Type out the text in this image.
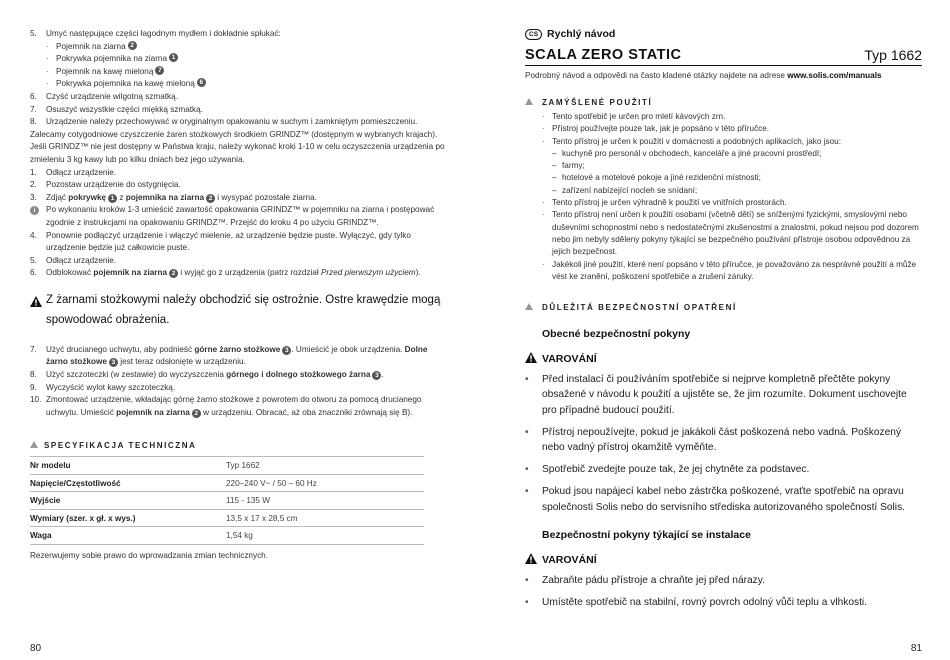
5.	Umyć następujące części łagodnym mydłem i dokładnie spłukać:
· Pojemnik na ziarna 2
· Pokrywka pojemnika na ziarna 1
· Pojemnik na kawę mieloną 7
· Pokrywka pojemnika na kawę mieloną 6
6.	Czyść urządzenie wilgotną szmatką.
7.	Osuszyć wszystkie części miękką szmatką.
8.	Urządzenie należy przechowywać w oryginalnym opakowaniu w suchym i zamkniętym pomieszczeniu.

Zalecamy cotygodniowe czyszczenie żaren stożkowych środkiem GRINDZ™ (dostępnym w wybranych krajach). Jeśli GRINDZ™ nie jest dostępny w Państwa kraju, należy wykonać kroki 1-10 w celu oczyszczenia urządzenia po zmieleniu 3 kg kawy lub po kilku dniach bez jego używania.

1.	Odłącz urządzenie.
2.	Pozostaw urządzenie do ostygnięcia.
3.	Zdjąć pokrywkę 1 z pojemnika na ziarna 2 i wysypać pozostałe ziarna.
i	Po wykonaniu kroków 1-3 umieścić zawartość opakowania GRINDZ™ w pojemniku na ziarna i postępować zgodnie z instrukcjami na opakowaniu GRINDZ™. Przejść do kroku 4 po użyciu GRINDZ™.
4.	Ponownie podłączyć urządzenie i włączyć mielenie, aż urządzenie będzie puste. Wyłączyć, gdy tylko urządzenie będzie już całkowicie puste.
5.	Odłącz urządzenie.
6.	Odblokować pojemnik na ziarna 2 i wyjąć go z urządzenia (patrz rozdział Przed pierwszym użyciem).
Z żarnami stożkowymi należy obchodzić się ostrożnie. Ostre krawędzie mogą spowodować obrażenia.
7.	Użyć drucianego uchwytu, aby podnieść górne żarno stożkowe 3 . Umieścić je obok urządzenia. Dolne żarno stożkowe 3 jest teraz odsłonięte w urządzeniu.
8.	Użyć szczoteczki (w zestawie) do wyczyszczenia górnego i dolnego stożkowego żarna 3 .
9.	Wyczyścić wylot kawy szczoteczką.
10. Zmontować urządzenie, wkładając górnę żarno stożkowe z powrotem do otworu za pomocą drucianego uchwytu. Umieścić pojemnik na ziarna 2 w urządzeniu. Obracać, aż oba znaczniki zrównają się B).
SPECYFIKACJA TECHNICZNA
Nr modelu	Typ 1662
Napięcie/Częstotliwość	220–240 V~ / 50 – 60 Hz
Wyjście	115 - 135 W
Wymiary (szer. x gł. x wys.)	13,5 x 17 x 28,5 cm
Waga	1,54 kg

Rezerwujemy sobie prawo do wprowadzania zmian technicznych.

80
CS Rychlý návod
SCALA ZERO STATIC	Typ 1662

Podrobný návod a odpovědi na často kladené otázky najdete na adrese www.solis.com/manuals

ZAMÝŠLENÉ POUŽITÍ
· Tento spotřebič je určen pro mletí kávových zrn.
· Přístroj používejte pouze tak, jak je popsáno v této příručce.
· Tento přístroj je určen k použití v domácnosti a podobných aplikacích, jako jsou:
– kuchyně pro personál v obchodech, kanceláře a jiné pracovní prostředí;
– farmy;
– hotelové a motelové pokoje a jiné rezidenční místnosti;
– zařízení nabízející nocleh se snídaní;
· Tento přístroj je určen výhradně k použití ve vnitřních prostorách.
· Tento přístroj není určen k použití osobami (včetně dětí) se sníženými fyzickými, smyslovými nebo duševními schopnostmi nebo s nedostatečnými zkušenostmi a znalostmi, pokud nejsou pod dozorem nebo jim nebyly sděleny pokyny týkající se bezpečného používání přístroje osobou odpovědnou za jejich bezpečnost.
· Jakékoli jiné použití, které není popsáno v této příručce, je považováno za nesprávné použití a může vést ke zranění, poškození spotřebiče a zrušení záruky.
DŮLEŽITÁ BEZPEČNOSTNÍ OPATŘENÍ
Obecné bezpečnostní pokyny
VAROVÁNÍ
•	Před instalací či používáním spotřebiče si nejprve kompletně přečtěte pokyny obsažené v návodu k použití a ujistěte se, že jim rozumíte. Dokument uschovejte pro případné budoucí použití.
•	Přístroj nepoužívejte, pokud je jakákoli část poškozená nebo vadná. Poškozený nebo vadný přístroj okamžitě vyměňte.
•	Spotřebič zvedejte pouze tak, že jej chytněte za podstavec.
•	Pokud jsou napájecí kabel nebo zástrčka poškozené, vraťte spotřebič na opravu společnosti Solis nebo do servisního střediska autorizovaného společností Solis.
Bezpečnostní pokyny týkající se instalace
VAROVÁNÍ
•	Zabraňte pádu přístroje a chraňte jej před nárazy.
•	Umístěte spotřebič na stabilní, rovný povrch odolný vůči teplu a vlhkosti.
81
